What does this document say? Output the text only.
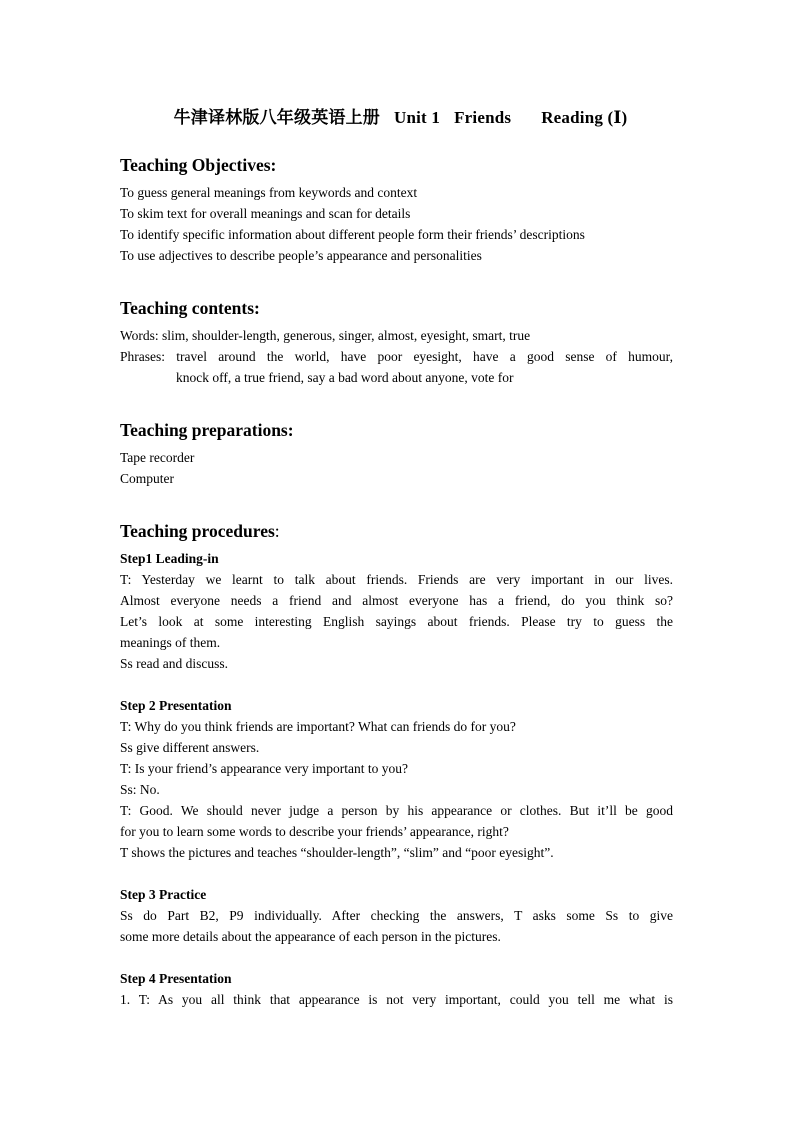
牛津译林版八年级英语上册 Unit 1 Friends Reading (Ⅰ)
Teaching Objectives:

To guess general meanings from keywords and context

To skim text for overall meanings and scan for details

To identify specific information about different people form their friends’ descriptions

To use adjectives to describe people’s appearance and personalities

Teaching contents:

Words: slim, shoulder-length, generous, singer, almost, eyesight, smart, true

Phrases: travel around the world, have poor eyesight, have a good sense of humour,

knock off, a true friend, say a bad word about anyone, vote for

Teaching preparations:

Tape recorder

Computer

Teaching procedures:

Step1 Leading-in

T: Yesterday we learnt to talk about friends. Friends are very important in our lives.

Almost everyone needs a friend and almost everyone has a friend, do you think so?

Let’s look at some interesting English sayings about friends. Please try to guess the

meanings of them.

Ss read and discuss.

Step 2 Presentation

T: Why do you think friends are important? What can friends do for you?

Ss give different answers.

T: Is your friend’s appearance very important to you?

Ss: No.

T: Good. We should never judge a person by his appearance or clothes. But it’ll be good

for you to learn some words to describe your friends’ appearance, right?

T shows the pictures and teaches “shoulder-length”, “slim” and “poor eyesight”.

Step 3 Practice

Ss do Part B2, P9 individually. After checking the answers, T asks some Ss to give

some more details about the appearance of each person in the pictures.

Step 4 Presentation

1. T: As you all think that appearance is not very important, could you tell me what is
